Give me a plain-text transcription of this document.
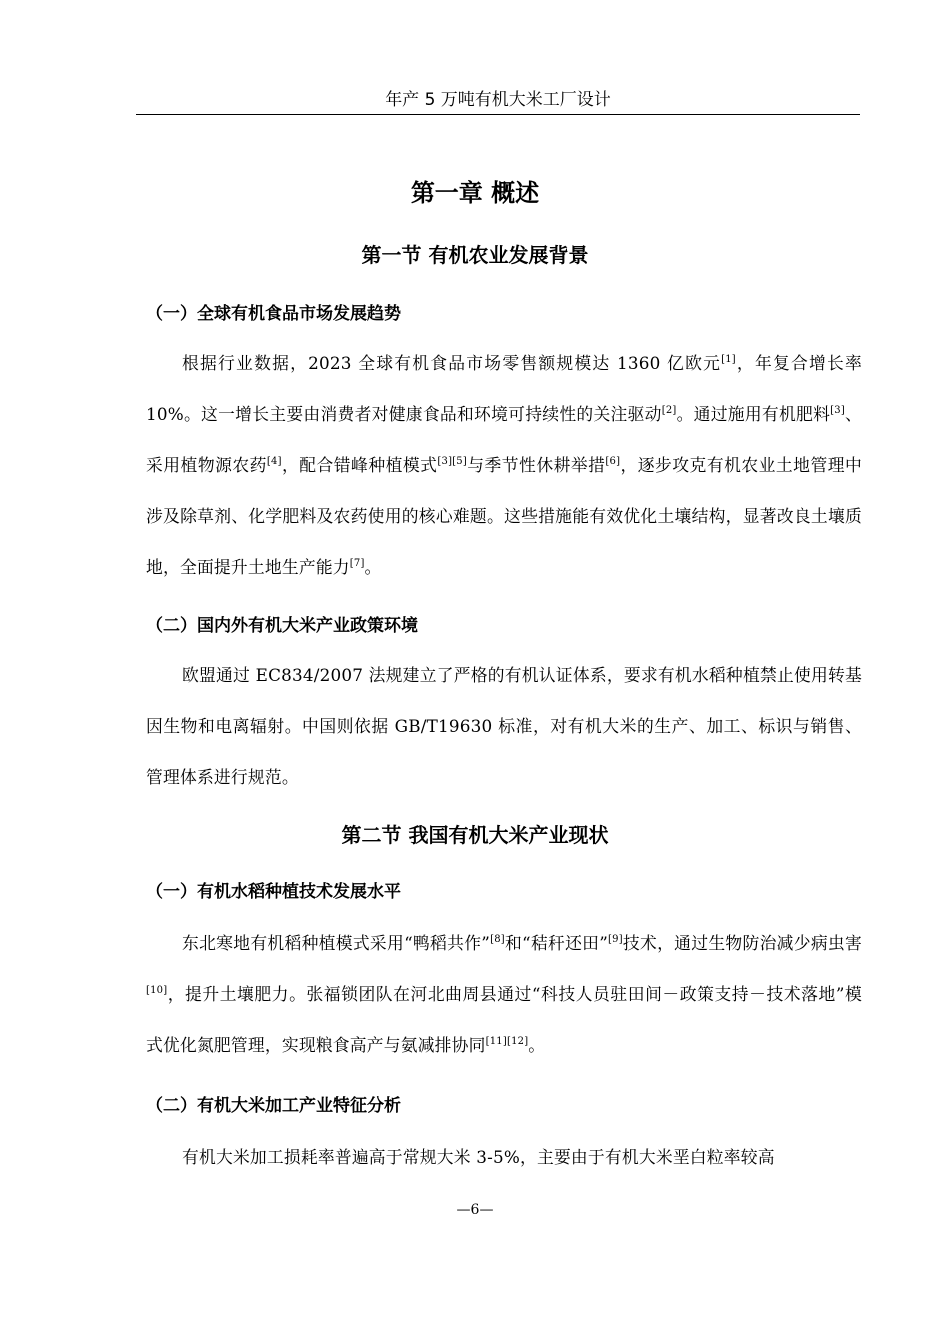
年产 5 万吨有机大米工厂设计
第一章 概述
第一节 有机农业发展背景
（一）全球有机食品市场发展趋势
根据行业数据，2023 全球有机食品市场零售额规模达 1360 亿欧元[1]，年复合增长率 10%。这一增长主要由消费者对健康食品和环境可持续性的关注驱动[2]。通过施用有机肥料[3]、采用植物源农药[4]，配合错峰种植模式[3][5]与季节性休耕举措[6]，逐步攻克有机农业土地管理中涉及除草剂、化学肥料及农药使用的核心难题。这些措施能有效优化土壤结构，显著改良土壤质地，全面提升土地生产能力[7]。
（二）国内外有机大米产业政策环境
欧盟通过 EC834/2007 法规建立了严格的有机认证体系，要求有机水稻种植禁止使用转基因生物和电离辐射。中国则依据 GB/T19630 标准，对有机大米的生产、加工、标识与销售、管理体系进行规范。
第二节 我国有机大米产业现状
（一）有机水稻种植技术发展水平
东北寒地有机稻种植模式采用“鸭稻共作”[8]和“秸秆还田”[9]技术，通过生物防治减少病虫害[10]，提升土壤肥力。张福锁团队在河北曲周县通过“科技人员驻田间－政策支持－技术落地”模式优化氮肥管理，实现粮食高产与氨减排协同[11][12]。
（二）有机大米加工产业特征分析
有机大米加工损耗率普遍高于常规大米 3-5%，主要由于有机大米垩白粒率较高
—6—
